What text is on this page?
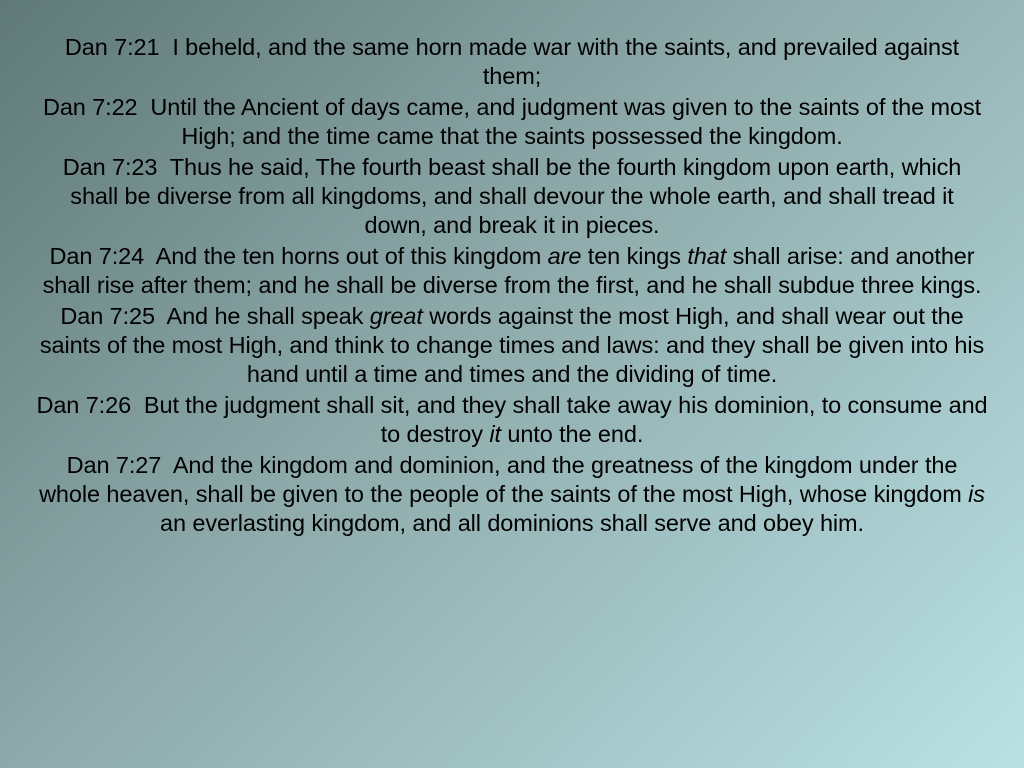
Dan 7:21 I beheld, and the same horn made war with the saints, and prevailed against them;

Dan 7:22 Until the Ancient of days came, and judgment was given to the saints of the most High; and the time came that the saints possessed the kingdom.

Dan 7:23 Thus he said, The fourth beast shall be the fourth kingdom upon earth, which shall be diverse from all kingdoms, and shall devour the whole earth, and shall tread it down, and break it in pieces.

Dan 7:24 And the ten horns out of this kingdom are ten kings that shall arise: and another shall rise after them; and he shall be diverse from the first, and he shall subdue three kings.

Dan 7:25 And he shall speak great words against the most High, and shall wear out the saints of the most High, and think to change times and laws: and they shall be given into his hand until a time and times and the dividing of time.

Dan 7:26 But the judgment shall sit, and they shall take away his dominion, to consume and to destroy it unto the end.

Dan 7:27 And the kingdom and dominion, and the greatness of the kingdom under the whole heaven, shall be given to the people of the saints of the most High, whose kingdom is an everlasting kingdom, and all dominions shall serve and obey him.
